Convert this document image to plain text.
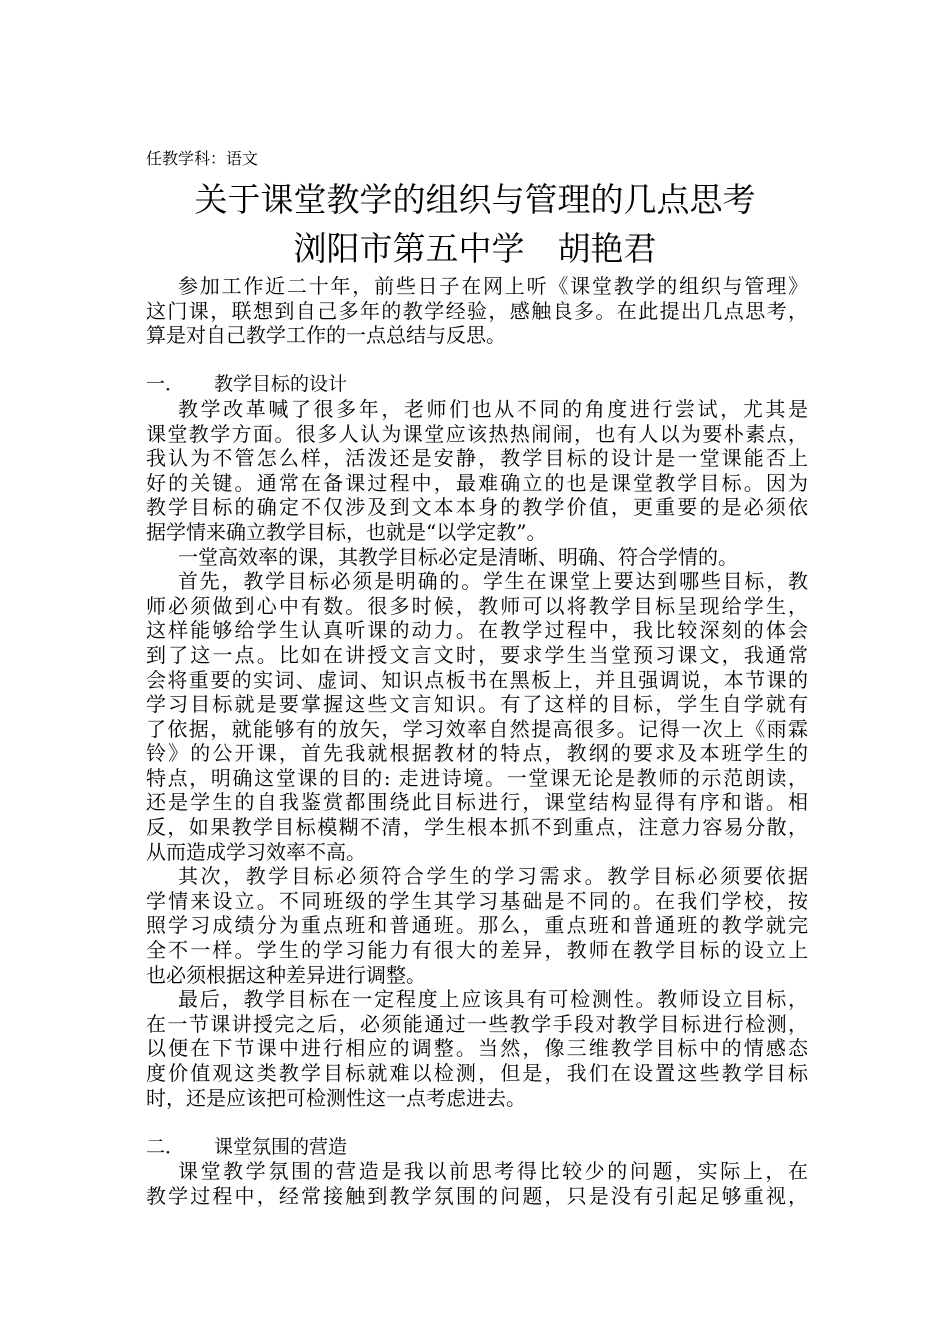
任教学科：语文
关于课堂教学的组织与管理的几点思考
浏阳市第五中学　胡艳君
参加工作近二十年，前些日子在网上听《课堂教学的组织与管理》
这门课，联想到自己多年的教学经验，感触良多。在此提出几点思考，
算是对自己教学工作的一点总结与反思。
一． 教学目标的设计
教学改革喊了很多年，老师们也从不同的角度进行尝试，尤其是
课堂教学方面。很多人认为课堂应该热热闹闹，也有人以为要朴素点，
我认为不管怎么样，活泼还是安静，教学目标的设计是一堂课能否上
好的关键。通常在备课过程中，最难确立的也是课堂教学目标。因为
教学目标的确定不仅涉及到文本本身的教学价值，更重要的是必须依
据学情来确立教学目标，也就是“以学定教”。
一堂高效率的课，其教学目标必定是清晰、明确、符合学情的。
首先，教学目标必须是明确的。学生在课堂上要达到哪些目标，教
师必须做到心中有数。很多时候，教师可以将教学目标呈现给学生，
这样能够给学生认真听课的动力。在教学过程中，我比较深刻的体会
到了这一点。比如在讲授文言文时，要求学生当堂预习课文，我通常
会将重要的实词、虚词、知识点板书在黑板上，并且强调说，本节课的
学习目标就是要掌握这些文言知识。有了这样的目标，学生自学就有
了依据，就能够有的放矢，学习效率自然提高很多。记得一次上《雨霖
铃》的公开课，首先我就根据教材的特点，教纲的要求及本班学生的
特点，明确这堂课的目的: 走进诗境。一堂课无论是教师的示范朗读，
还是学生的自我鉴赏都围绕此目标进行，课堂结构显得有序和谐。相
反，如果教学目标模糊不清，学生根本抓不到重点，注意力容易分散，
从而造成学习效率不高。
其次，教学目标必须符合学生的学习需求。教学目标必须要依据
学情来设立。不同班级的学生其学习基础是不同的。在我们学校，按
照学习成绩分为重点班和普通班。那么，重点班和普通班的教学就完
全不一样。学生的学习能力有很大的差异，教师在教学目标的设立上
也必须根据这种差异进行调整。
最后，教学目标在一定程度上应该具有可检测性。教师设立目标，
在一节课讲授完之后，必须能通过一些教学手段对教学目标进行检测，
以便在下节课中进行相应的调整。当然，像三维教学目标中的情感态
度价值观这类教学目标就难以检测，但是，我们在设置这些教学目标
时，还是应该把可检测性这一点考虑进去。
二． 课堂氛围的营造
课堂教学氛围的营造是我以前思考得比较少的问题，实际上，在
教学过程中，经常接触到教学氛围的问题，只是没有引起足够重视，
